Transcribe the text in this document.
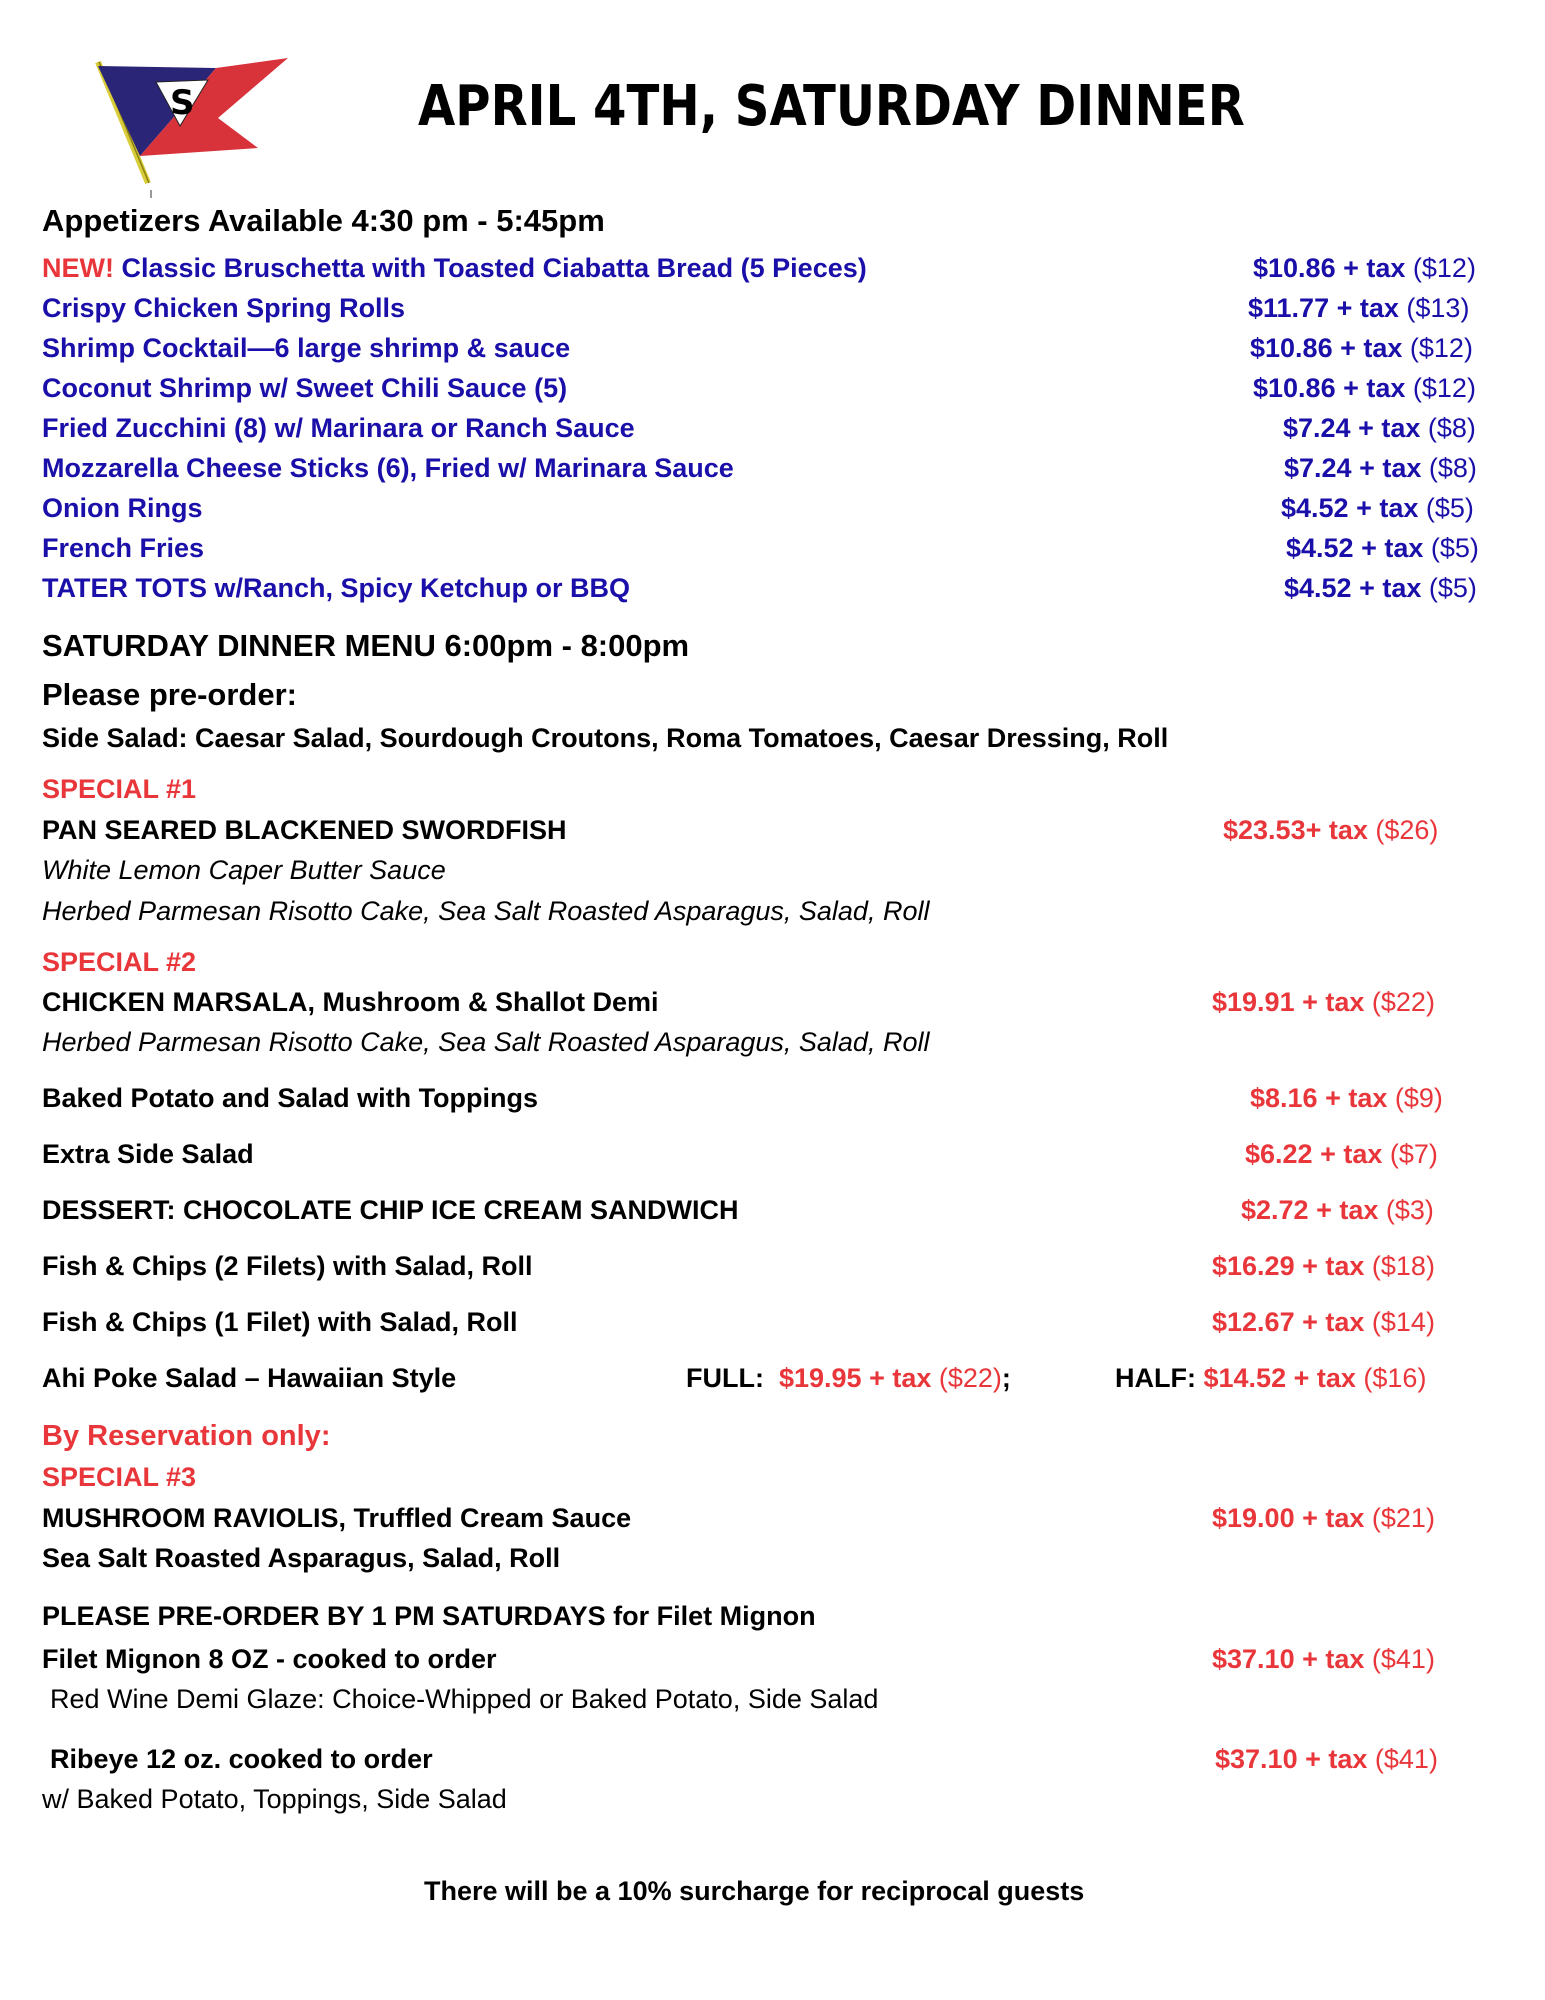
S	APRIL 4TH, SATURDAY DINNER
Appetizers Available 4:30 pm - 5:45pm
NEW! Classic Bruschetta with Toasted Ciabatta Bread (5 Pieces)	$10.86 + tax ($12)
Crispy Chicken Spring Rolls	$11.77 + tax ($13)
Shrimp Cocktail—6 large shrimp & sauce	$10.86 + tax ($12)
Coconut Shrimp w/ Sweet Chili Sauce (5)	$10.86 + tax ($12)
Fried Zucchini (8) w/ Marinara or Ranch Sauce	$7.24 + tax ($8)
Mozzarella Cheese Sticks (6), Fried w/ Marinara Sauce	$7.24 + tax ($8)
Onion Rings	$4.52 + tax ($5)
French Fries	$4.52 + tax ($5)
TATER TOTS w/Ranch, Spicy Ketchup or BBQ	$4.52 + tax ($5)
SATURDAY DINNER MENU 6:00pm - 8:00pm
Please pre-order:
Side Salad: Caesar Salad, Sourdough Croutons, Roma Tomatoes, Caesar Dressing, Roll
SPECIAL #1
PAN SEARED BLACKENED SWORDFISH	$23.53+ tax ($26)
White Lemon Caper Butter Sauce
Herbed Parmesan Risotto Cake, Sea Salt Roasted Asparagus, Salad, Roll
SPECIAL #2
CHICKEN MARSALA, Mushroom & Shallot Demi	$19.91 + tax ($22)
Herbed Parmesan Risotto Cake, Sea Salt Roasted Asparagus, Salad, Roll
Baked Potato and Salad with Toppings	$8.16 + tax ($9)
Extra Side Salad	$6.22 + tax ($7)
DESSERT: CHOCOLATE CHIP ICE CREAM SANDWICH	$2.72 + tax ($3)
Fish & Chips (2 Filets) with Salad, Roll	$16.29 + tax ($18)
Fish & Chips (1 Filet) with Salad, Roll	$12.67 + tax ($14)
Ahi Poke Salad – Hawaiian Style	FULL: $19.95 + tax ($22);	HALF: $14.52 + tax ($16)
By Reservation only:
SPECIAL #3
MUSHROOM RAVIOLIS, Truffled Cream Sauce	$19.00 + tax ($21)
Sea Salt Roasted Asparagus, Salad, Roll
PLEASE PRE-ORDER BY 1 PM SATURDAYS for Filet Mignon
Filet Mignon 8 OZ - cooked to order	$37.10 + tax ($41)
Red Wine Demi Glaze: Choice-Whipped or Baked Potato, Side Salad
Ribeye 12 oz. cooked to order	$37.10 + tax ($41)
w/ Baked Potato, Toppings, Side Salad
There will be a 10% surcharge for reciprocal guests
